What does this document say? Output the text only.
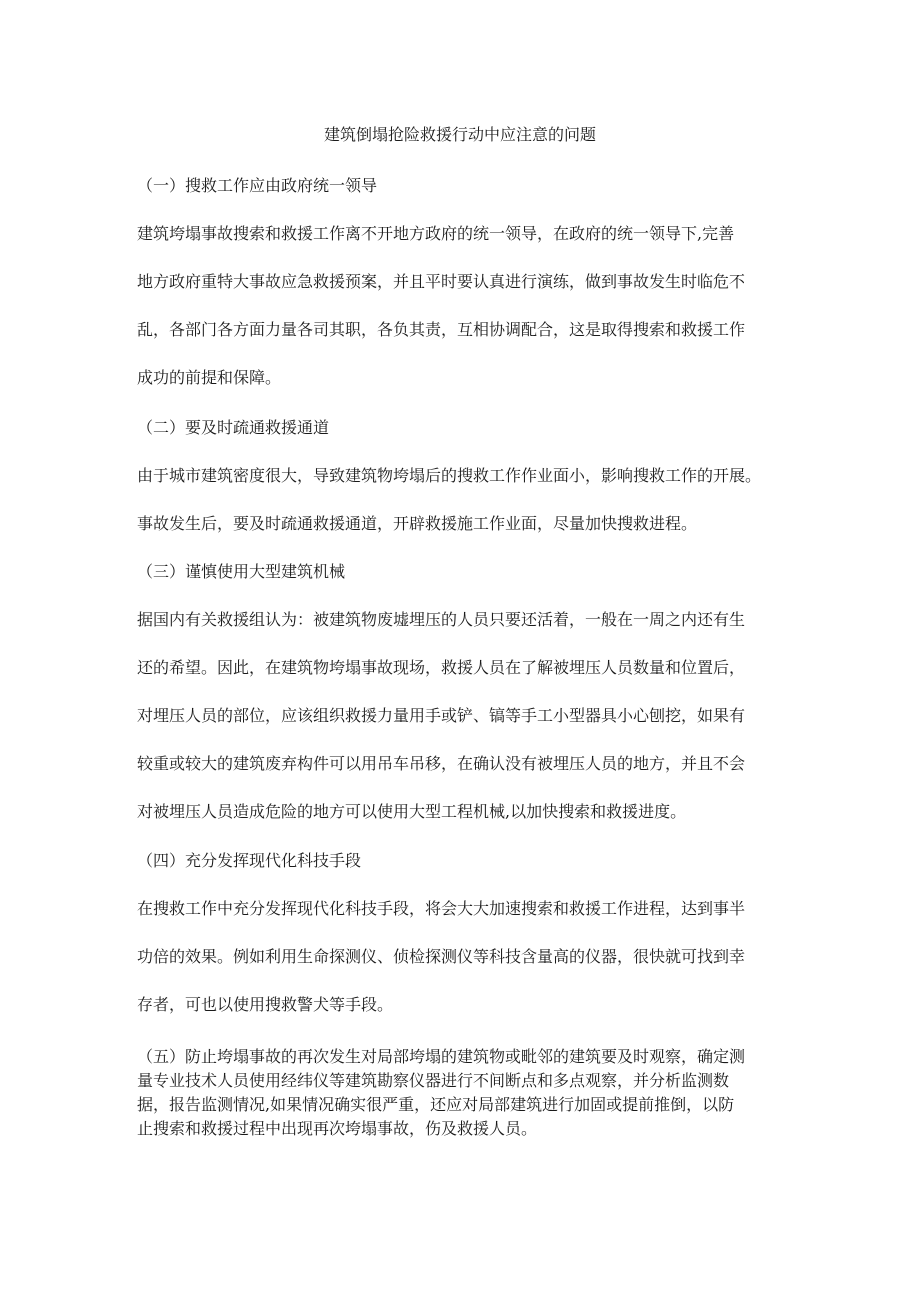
建筑倒塌抢险救援行动中应注意的问题
（一）搜救工作应由政府统一领导
建筑垮塌事故搜索和救援工作离不开地方政府的统一领导，在政府的统一领导下,完善
地方政府重特大事故应急救援预案，并且平时要认真进行演练，做到事故发生时临危不
乱，各部门各方面力量各司其职，各负其责，互相协调配合，这是取得搜索和救援工作
成功的前提和保障。
（二）要及时疏通救援通道
由于城市建筑密度很大，导致建筑物垮塌后的搜救工作作业面小，影响搜救工作的开展。
事故发生后，要及时疏通救援通道，开辟救援施工作业面，尽量加快搜救进程。
（三）谨慎使用大型建筑机械
据国内有关救援组认为：被建筑物废墟埋压的人员只要还活着，一般在一周之内还有生
还的希望。因此，在建筑物垮塌事故现场，救援人员在了解被埋压人员数量和位置后，
对埋压人员的部位，应该组织救援力量用手或铲、镐等手工小型器具小心刨挖，如果有
较重或较大的建筑废弃构件可以用吊车吊移，在确认没有被埋压人员的地方，并且不会
对被埋压人员造成危险的地方可以使用大型工程机械,以加快搜索和救援进度。
（四）充分发挥现代化科技手段
在搜救工作中充分发挥现代化科技手段，将会大大加速搜索和救援工作进程，达到事半
功倍的效果。例如利用生命探测仪、侦检探测仪等科技含量高的仪器，很快就可找到幸
存者，可也以使用搜救警犬等手段。
（五）防止垮塌事故的再次发生对局部垮塌的建筑物或毗邻的建筑要及时观察，确定测
量专业技术人员使用经纬仪等建筑勘察仪器进行不间断点和多点观察，并分析监测数
据，报告监测情况,如果情况确实很严重，还应对局部建筑进行加固或提前推倒，以防
止搜索和救援过程中出现再次垮塌事故，伤及救援人员。
